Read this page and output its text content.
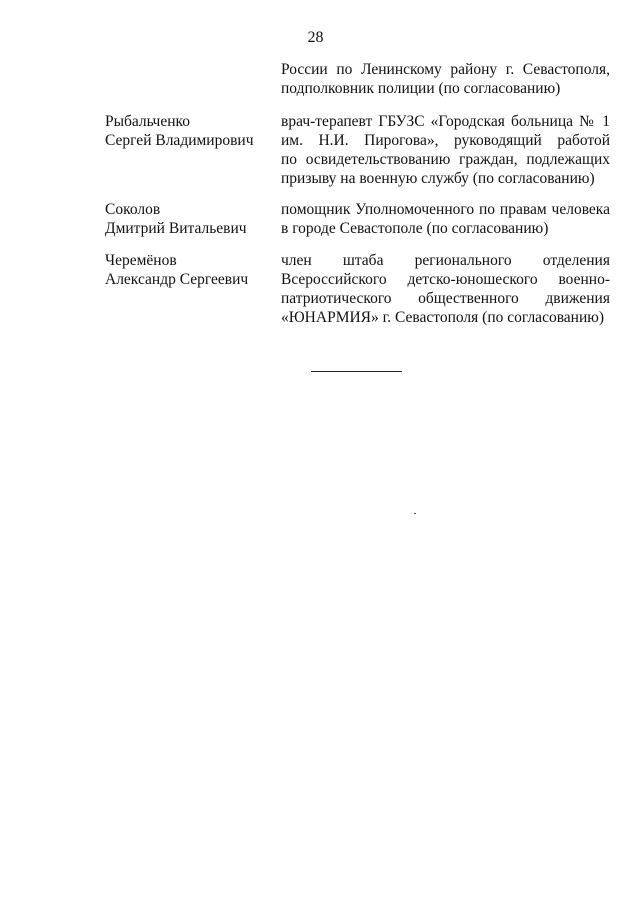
28
России по Ленинскому району г. Севастополя,
подполковник полиции (по согласованию)
Рыбальченко
Сергей Владимирович
врач-терапевт ГБУЗС «Городская больница № 1
им. Н.И. Пирогова», руководящий работой
по освидетельствованию граждан, подлежащих
призыву на военную службу (по согласованию)
Соколов
Дмитрий Витальевич
помощник Уполномоченного по правам человека
в городе Севастополе (по согласованию)
Черемёнов
Александр Сергеевич
член штаба регионального отделения
Всероссийского детско-юношеского военно-
патриотического общественного движения
«ЮНАРМИЯ» г. Севастополя (по согласованию)
